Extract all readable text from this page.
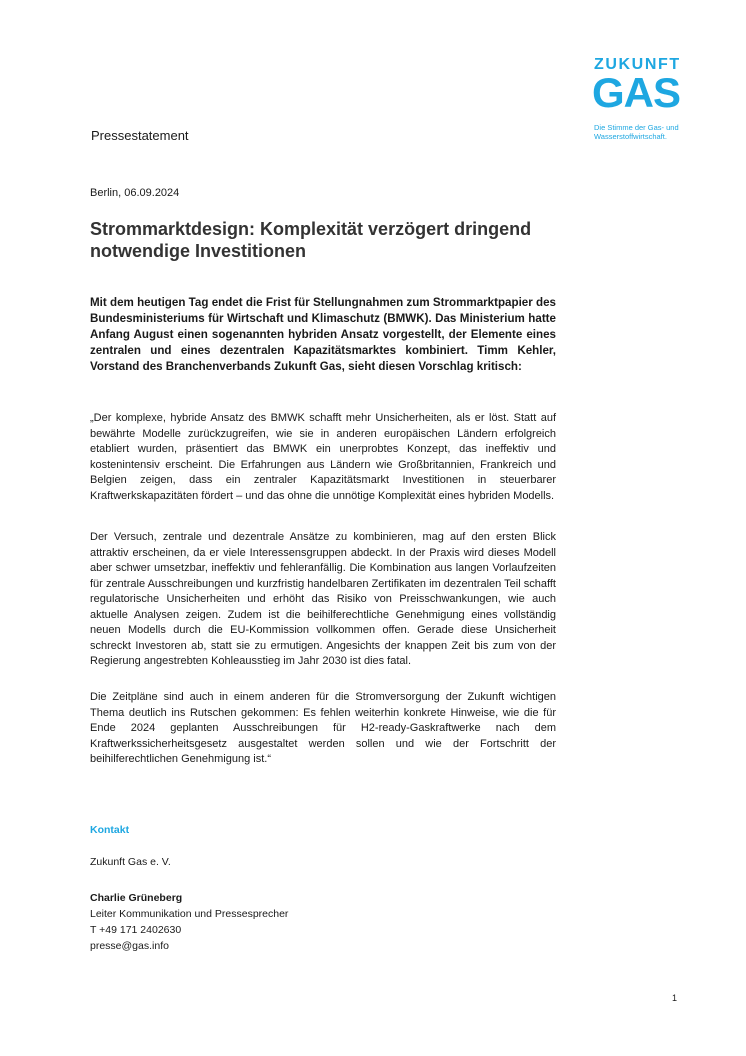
ZUKUNFT
GAS
Die Stimme der Gas- und
Wasserstoffwirtschaft.
Pressestatement
Berlin, 06.09.2024
Strommarktdesign: Komplexität verzögert dringend notwendige Investitionen

Mit dem heutigen Tag endet die Frist für Stellungnahmen zum Strommarktpapier des Bundesministeriums für Wirtschaft und Klimaschutz (BMWK). Das Ministerium hatte Anfang August einen sogenannten hybriden Ansatz vorgestellt, der Elemente eines zentralen und eines dezentralen Kapazitätsmarktes kombiniert. Timm Kehler, Vorstand des Branchenverbands Zukunft Gas, sieht diesen Vorschlag kritisch:

„Der komplexe, hybride Ansatz des BMWK schafft mehr Unsicherheiten, als er löst. Statt auf bewährte Modelle zurückzugreifen, wie sie in anderen europäischen Ländern erfolgreich etabliert wurden, präsentiert das BMWK ein unerprobtes Konzept, das ineffektiv und kostenintensiv erscheint. Die Erfahrungen aus Ländern wie Großbritannien, Frankreich und Belgien zeigen, dass ein zentraler Kapazitätsmarkt Investitionen in steuerbarer Kraftwerkskapazitäten fördert – und das ohne die unnötige Komplexität eines hybriden Modells.

Der Versuch, zentrale und dezentrale Ansätze zu kombinieren, mag auf den ersten Blick attraktiv erscheinen, da er viele Interessensgruppen abdeckt. In der Praxis wird dieses Modell aber schwer umsetzbar, ineffektiv und fehleranfällig. Die Kombination aus langen Vorlaufzeiten für zentrale Ausschreibungen und kurzfristig handelbaren Zertifikaten im dezentralen Teil schafft regulatorische Unsicherheiten und erhöht das Risiko von Preisschwankungen, wie auch aktuelle Analysen zeigen. Zudem ist die beihilferechtliche Genehmigung eines vollständig neuen Modells durch die EU-Kommission vollkommen offen. Gerade diese Unsicherheit schreckt Investoren ab, statt sie zu ermutigen. Angesichts der knappen Zeit bis zum von der Regierung angestrebten Kohleausstieg im Jahr 2030 ist dies fatal.

Die Zeitpläne sind auch in einem anderen für die Stromversorgung der Zukunft wichtigen Thema deutlich ins Rutschen gekommen: Es fehlen weiterhin konkrete Hinweise, wie die für Ende 2024 geplanten Ausschreibungen für H2-ready-Gaskraftwerke nach dem Kraftwerkssicherheitsgesetz ausgestaltet werden sollen und wie der Fortschritt der beihilferechtlichen Genehmigung ist.“

Kontakt
Zukunft Gas e. V.
Charlie Grüneberg
Leiter Kommunikation und Pressesprecher
T +49 171 2402630
presse@gas.info
1
